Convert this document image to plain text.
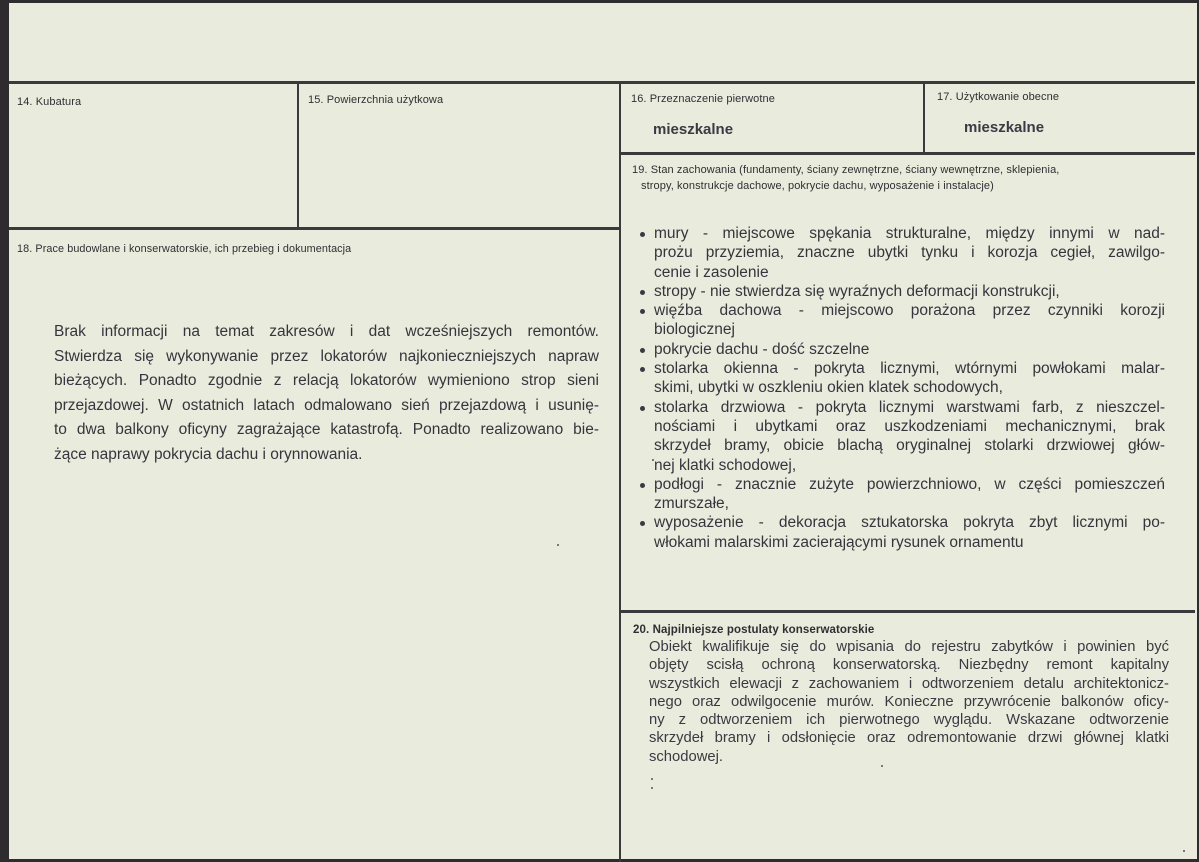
14. Kubatura	15. Powierzchnia użytkowa	16. Przeznaczenie pierwotne
mieszkalne
17. Użytkowanie obecne
mieszkalne
18. Prace budowlane i konserwatorskie, ich przebieg i dokumentacja
Brak informacji na temat zakresów i dat wcześniejszych remontów.
Stwierdza się wykonywanie przez lokatorów najkonieczniejszych napraw
bieżących. Ponadto zgodnie z relacją lokatorów wymieniono strop sieni
przejazdowej. W ostatnich latach odmalowano sień przejazdową i usunię-
to dwa balkony oficyny zagrażające katastrofą. Ponadto realizowano bie-
żące naprawy pokrycia dachu i orynnowania.
19. Stan zachowania (fundamenty, ściany zewnętrzne, ściany wewnętrzne, sklepienia,
stropy, konstrukcje dachowe, pokrycie dachu, wyposażenie i instalacje)
mury - miejscowe spękania strukturalne, między innymi w nad-
prożu przyziemia, znaczne ubytki tynku i korozja cegieł, zawilgo-
cenie i zasolenie
stropy - nie stwierdza się wyraźnych deformacji konstrukcji,
więźba dachowa - miejscowo porażona przez czynniki korozji
biologicznej
pokrycie dachu - dość szczelne
stolarka okienna - pokryta licznymi, wtórnymi powłokami malar-
skimi, ubytki w oszkleniu okien klatek schodowych,
stolarka drzwiowa - pokryta licznymi warstwami farb, z nieszczel-
nościami i ubytkami oraz uszkodzeniami mechanicznymi, brak
skrzydeł bramy, obicie blachą oryginalnej stolarki drzwiowej głów-
nej klatki schodowej,
podłogi - znacznie zużyte powierzchniowo, w części pomieszczeń
zmurszałe,
wyposażenie - dekoracja sztukatorska pokryta zbyt licznymi po-
włokami malarskimi zacierającymi rysunek ornamentu
20. Najpilniejsze postulaty konserwatorskie
Obiekt kwalifikuje się do wpisania do rejestru zabytków i powinien być
objęty scisłą ochroną konserwatorską. Niezbędny remont kapitalny
wszystkich elewacji z zachowaniem i odtworzeniem detalu architektonicz-
nego oraz odwilgocenie murów. Konieczne przywrócenie balkonów oficy-
ny z odtworzeniem ich pierwotnego wyglądu. Wskazane odtworzenie
skrzydeł bramy i odsłonięcie oraz odremontowanie drzwi głównej klatki
schodowej.
